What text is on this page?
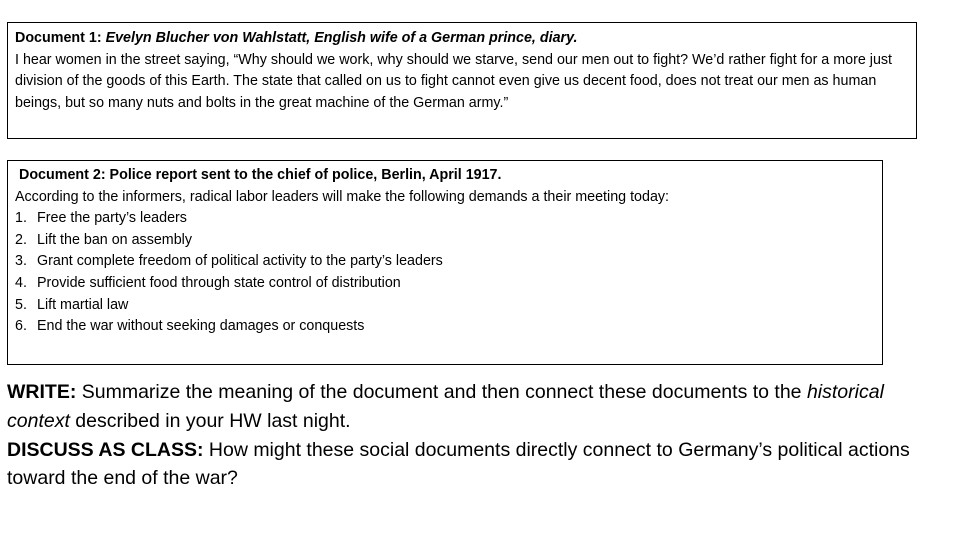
Document 1: Evelyn Blucher von Wahlstatt, English wife of a German prince, diary.

I hear women in the street saying, “Why should we work, why should we starve, send our men out to fight? We’d rather fight for a more just division of the goods of this Earth. The state that called on us to fight cannot even give us decent food, does not treat our men as human beings, but so many nuts and bolts in the great machine of the German army.”

Document 2: Police report sent to the chief of police, Berlin, April 1917.

According to the informers, radical labor leaders will make the following demands a their meeting today:

1. Free the party’s leaders
2. Lift the ban on assembly
3. Grant complete freedom of political activity to the party’s leaders
4. Provide sufficient food through state control of distribution
5. Lift martial law
6. End the war without seeking damages or conquests

WRITE: Summarize the meaning of the document and then connect these documents to the historical context described in your HW last night.

DISCUSS AS CLASS: How might these social documents directly connect to Germany’s political actions toward the end of the war?
